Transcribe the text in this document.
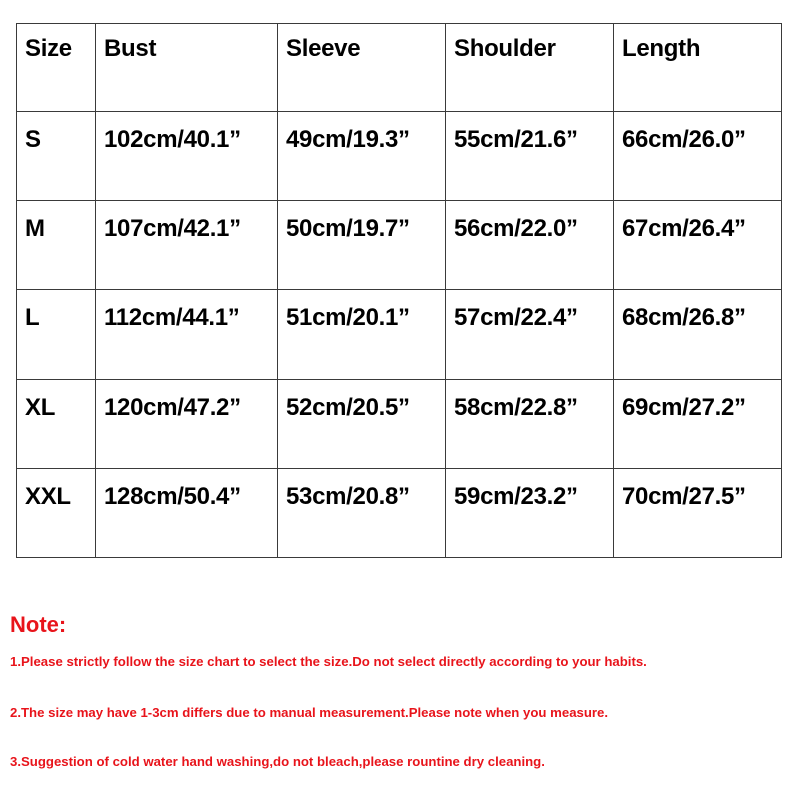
Size	Bust	Sleeve	Shoulder	Length
S	102cm/40.1”	49cm/19.3”	55cm/21.6”	66cm/26.0”
M	107cm/42.1”	50cm/19.7”	56cm/22.0”	67cm/26.4”
L	112cm/44.1”	51cm/20.1”	57cm/22.4”	68cm/26.8”
XL	120cm/47.2”	52cm/20.5”	58cm/22.8”	69cm/27.2”
XXL	128cm/50.4”	53cm/20.8”	59cm/23.2”	70cm/27.5”

Note:

1.Please strictly follow the size chart to select the size.Do not select directly according to your habits.

2.The size may have 1-3cm differs due to manual measurement.Please note when you measure.

3.Suggestion of cold water hand washing,do not bleach,please rountine dry cleaning.
